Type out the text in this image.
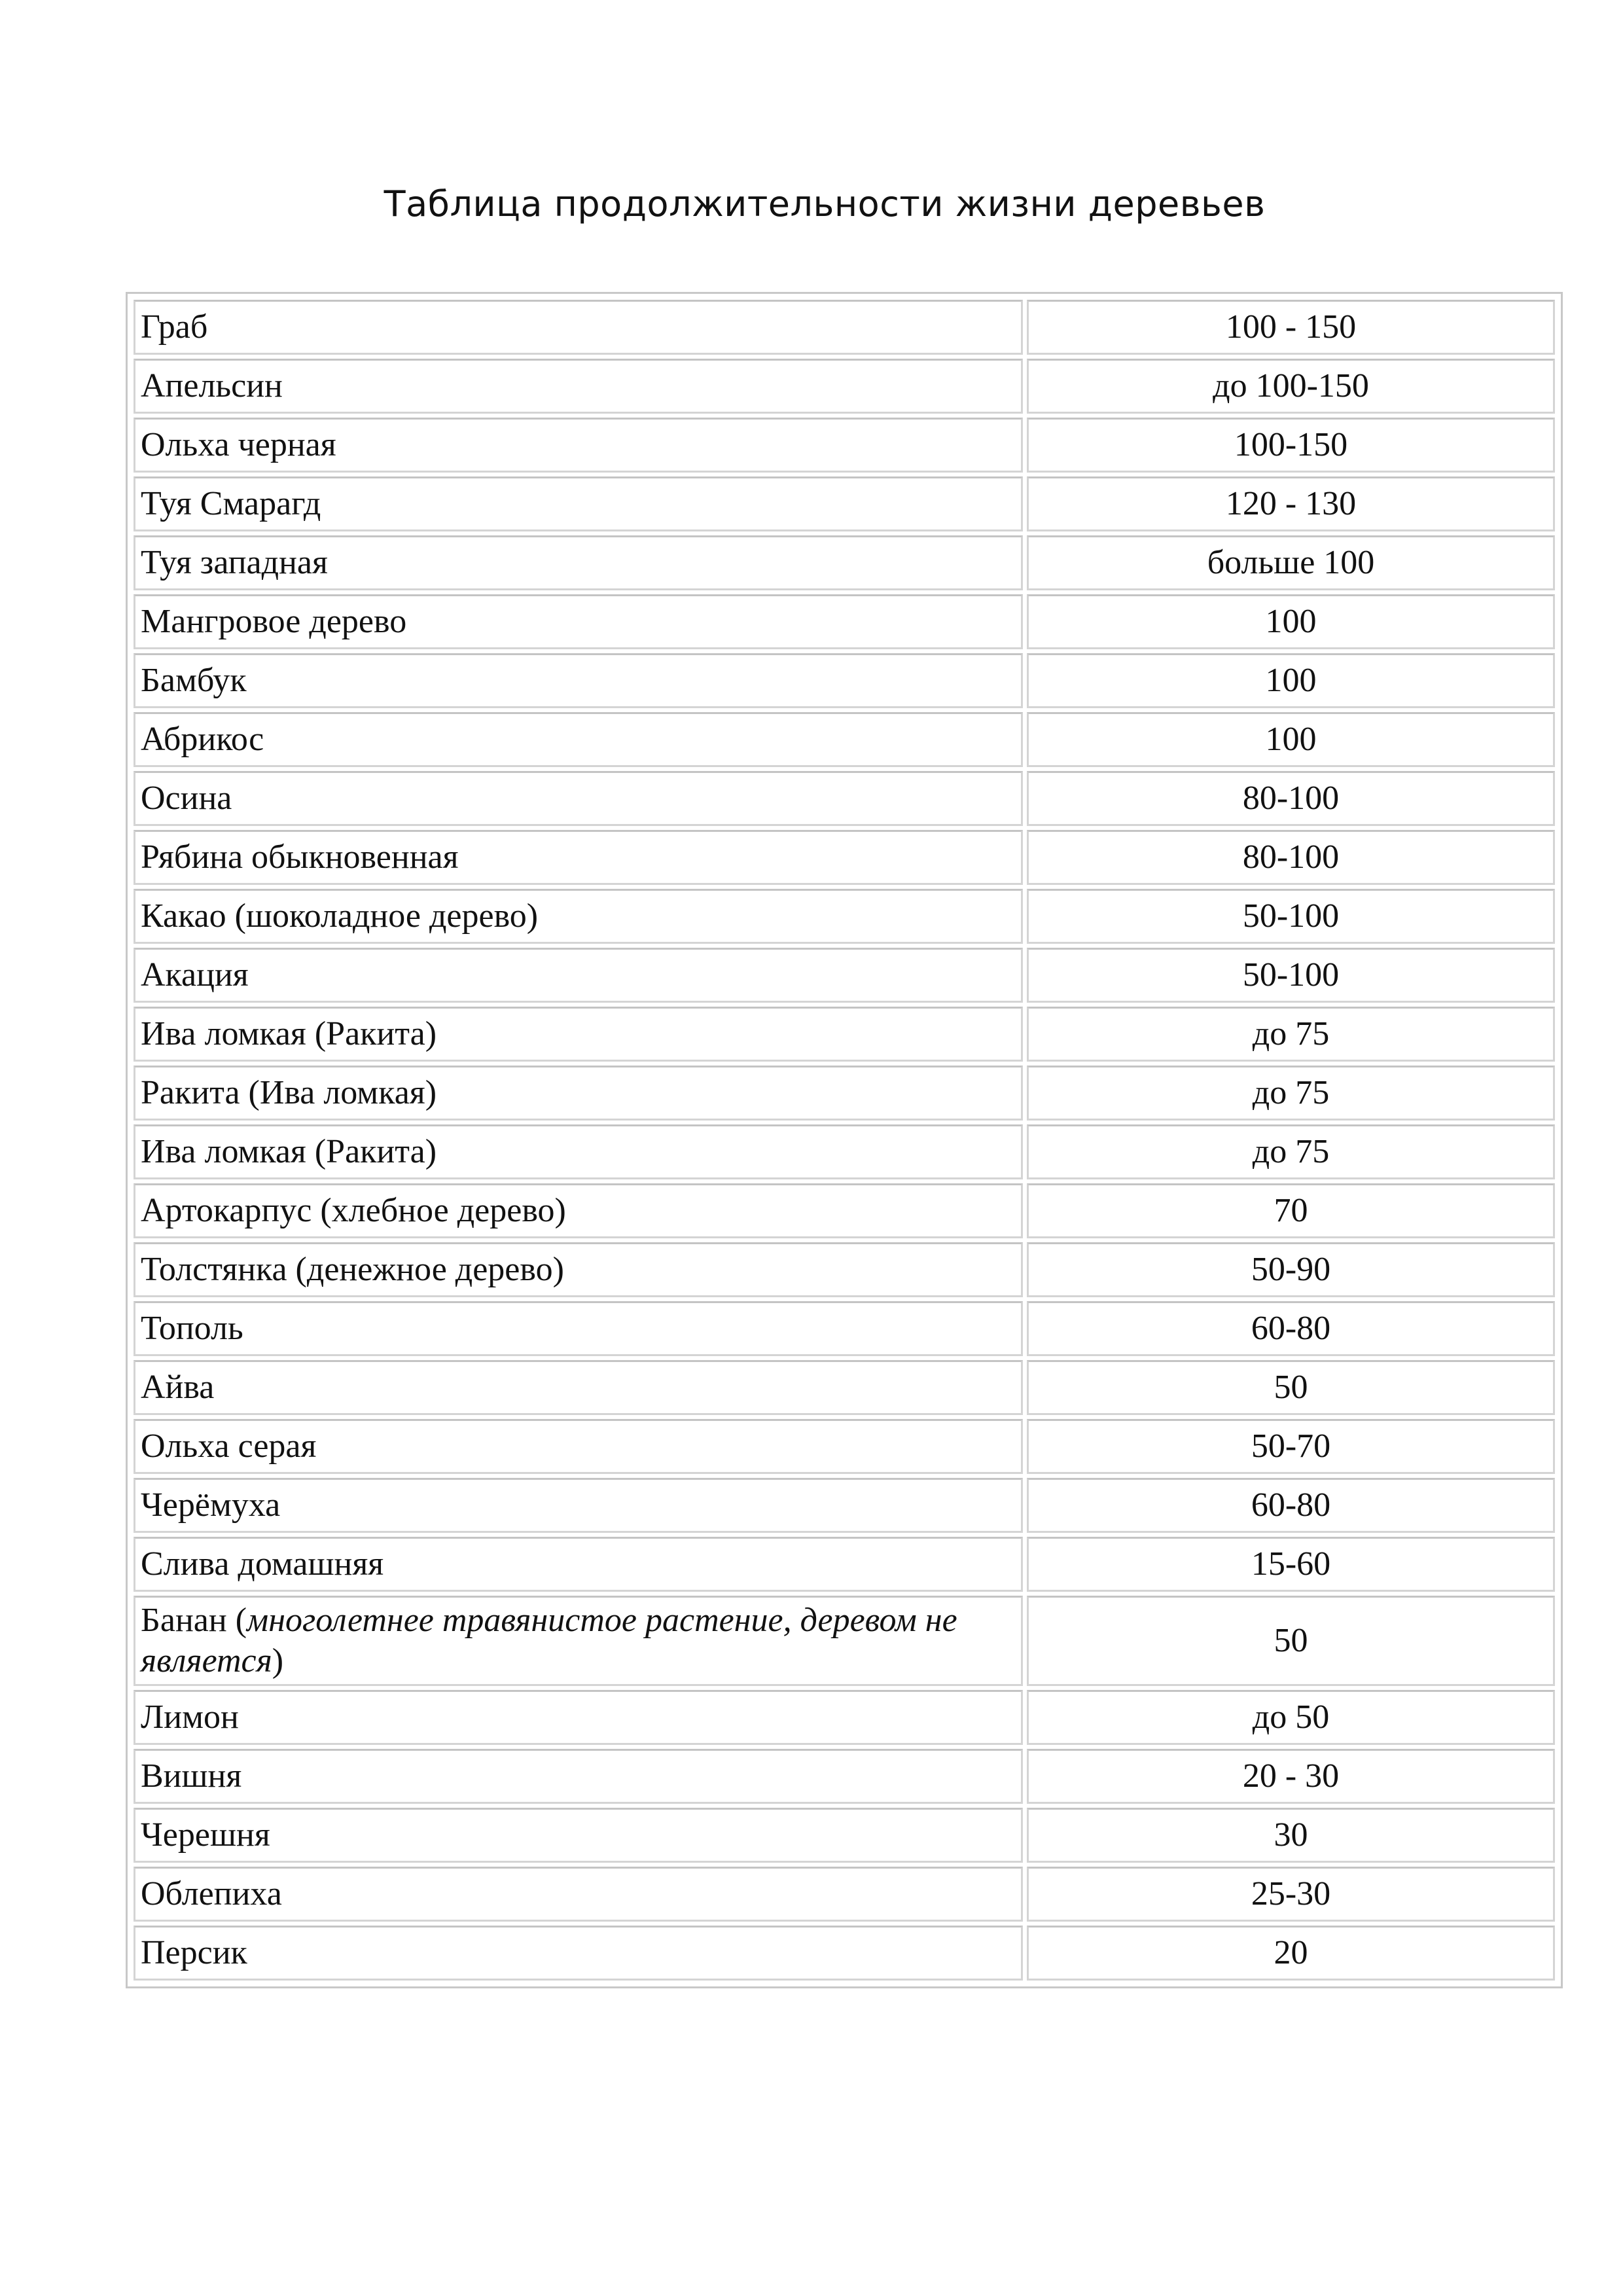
Таблица продолжительности жизни деревьев
Граб	100 - 150
Апельсин	до 100-150
Ольха черная	100-150
Туя Смарагд	120 - 130
Туя западная	больше 100
Мангровое дерево	100
Бамбук	100
Абрикос	100
Осина	80-100
Рябина обыкновенная	80-100
Какао (шоколадное дерево)	50-100
Акация	50-100
Ива ломкая (Ракита)	до 75
Ракита (Ива ломкая)	до 75
Ива ломкая (Ракита)	до 75
Артокарпус (хлебное дерево)	70
Толстянка (денежное дерево)	50-90
Тополь	60-80
Айва	50
Ольха серая	50-70
Черёмуха	60-80
Слива домашняя	15-60
Банан (многолетнее травянистое растение, деревом не является)	50
Лимон	до 50
Вишня	20 - 30
Черешня	30
Облепиха	25-30
Персик	20
